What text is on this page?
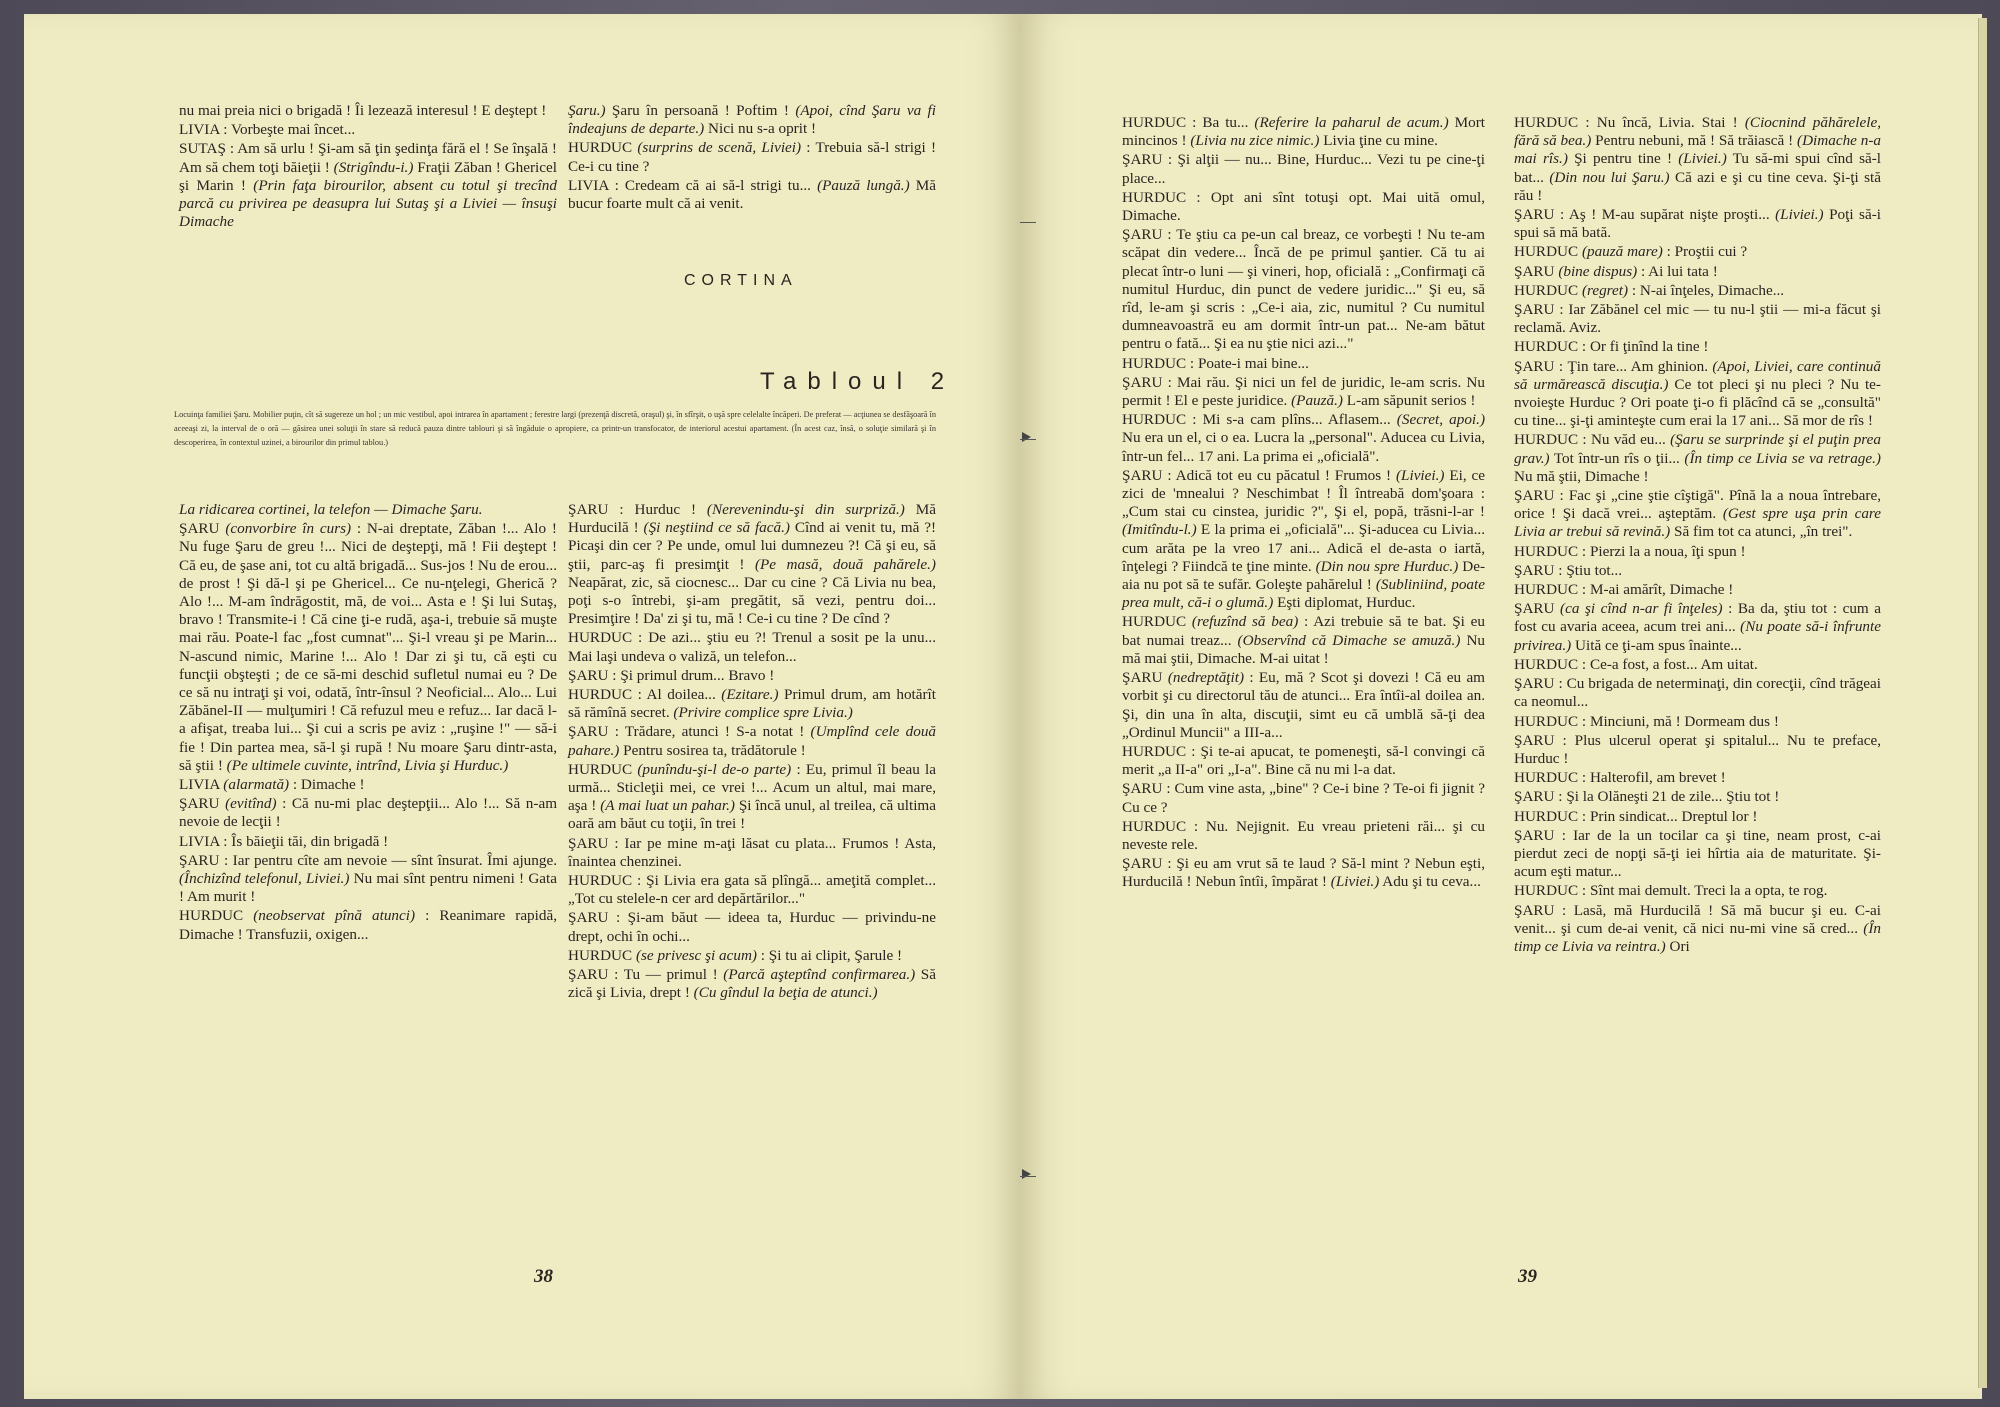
nu mai preia nici o brigadă ! Îi lezează interesul ! E deştept !

LIVIA : Vorbeşte mai încet...

SUTAŞ : Am să urlu ! Şi-am să ţin şedinţa fără el ! Se înşală ! Am să chem toţi băieţii ! (Strigîndu-i.) Fraţii Zăban ! Ghericel şi Marin ! (Prin faţa birourilor, absent cu totul şi trecînd parcă cu privirea pe deasupra lui Sutaş şi a Liviei — însuşi Dimache

Şaru.) Şaru în persoană ! Poftim ! (Apoi, cînd Şaru va fi îndeajuns de departe.) Nici nu s-a oprit !

HURDUC (surprins de scenă, Liviei) : Trebuia să-l strigi ! Ce-i cu tine ?

LIVIA : Credeam că ai să-l strigi tu... (Pauză lungă.) Mă bucur foarte mult că ai venit.

CORTINA
Tabloul 2
Locuinţa familiei Şaru. Mobilier puţin, cît să sugereze un hol ; un mic vestibul, apoi intrarea în apartament ; ferestre largi (prezenţă discretă, oraşul) şi, în sfîrşit, o uşă spre celelalte încăperi. De preferat — acţiunea se desfăşoară în aceeaşi zi, la interval de o oră — găsirea unei soluţii în stare să reducă pauza dintre tablouri şi să îngăduie o apropiere, ca printr-un transfocator, de interiorul acestui apartament. (În acest caz, însă, o soluţie similară şi în descoperirea, în contextul uzinei, a birourilor din primul tablou.)

La ridicarea cortinei, la telefon — Dimache Şaru.

ŞARU (convorbire în curs) : N-ai dreptate, Zăban !... Alo ! Nu fuge Şaru de greu !... Nici de deştepţi, mă ! Fii deştept ! Că eu, de şase ani, tot cu altă brigadă... Sus-jos ! Nu de erou... de prost ! Şi dă-l şi pe Ghericel... Ce nu-nţelegi, Gherică ? Alo !... M-am îndrăgostit, mă, de voi... Asta e ! Şi lui Sutaş, bravo ! Transmite-i ! Că cine ţi-e rudă, aşa-i, trebuie să muşte mai rău. Poate-l fac „fost cumnat"... Şi-l vreau şi pe Marin... N-ascund nimic, Marine !... Alo ! Dar zi şi tu, că eşti cu funcţii obşteşti ; de ce să-mi deschid sufletul numai eu ? De ce să nu intraţi şi voi, odată, într-însul ? Neoficial... Alo... Lui Zăbănel-II — mulţumiri ! Că refuzul meu e refuz... Iar dacă l-a afişat, treaba lui... Şi cui a scris pe aviz : „ruşine !" — să-i fie ! Din partea mea, să-l şi rupă ! Nu moare Şaru dintr-asta, să ştii ! (Pe ultimele cuvinte, intrînd, Livia şi Hurduc.)

LIVIA (alarmată) : Dimache !

ŞARU (evitînd) : Că nu-mi plac deştepţii... Alo !... Să n-am nevoie de lecţii !

LIVIA : Îs băieţii tăi, din brigadă !

ŞARU : Iar pentru cîte am nevoie — sînt însurat. Îmi ajunge. (Închizînd telefonul, Liviei.) Nu mai sînt pentru nimeni ! Gata ! Am murit !

HURDUC (neobservat pînă atunci) : Reanimare rapidă, Dimache ! Transfuzii, oxigen...

ŞARU : Hurduc ! (Nerevenindu-şi din surpriză.) Mă Hurducilă ! (Şi neştiind ce să facă.) Cînd ai venit tu, mă ?! Picaşi din cer ? Pe unde, omul lui dumnezeu ?! Că şi eu, să ştii, parc-aş fi presimţit ! (Pe masă, două pahărele.) Neapărat, zic, să ciocnesc... Dar cu cine ? Că Livia nu bea, poţi s-o întrebi, şi-am pregătit, să vezi, pentru doi... Presimţire ! Da' zi şi tu, mă ! Ce-i cu tine ? De cînd ?

HURDUC : De azi... ştiu eu ?! Trenul a sosit pe la unu... Mai laşi undeva o valiză, un telefon...

ŞARU : Şi primul drum... Bravo !

HURDUC : Al doilea... (Ezitare.) Primul drum, am hotărît să rămînă secret. (Privire complice spre Livia.)

ŞARU : Trădare, atunci ! S-a notat ! (Umplînd cele două pahare.) Pentru sosirea ta, trădătorule !

HURDUC (punîndu-şi-l de-o parte) : Eu, primul îl beau la urmă... Sticleţii mei, ce vrei !... Acum un altul, mai mare, aşa ! (A mai luat un pahar.) Şi încă unul, al treilea, că ultima oară am băut cu toţii, în trei !

ŞARU : Iar pe mine m-aţi lăsat cu plata... Frumos ! Asta, înaintea chenzinei.

HURDUC : Şi Livia era gata să plîngă... ameţită complet... „Tot cu stelele-n cer ard depărtărilor..."

ŞARU : Şi-am băut — ideea ta, Hurduc — privindu-ne drept, ochi în ochi...

HURDUC (se privesc şi acum) : Şi tu ai clipit, Şarule !

ŞARU : Tu — primul ! (Parcă aşteptînd confirmarea.) Să zică şi Livia, drept ! (Cu gîndul la beţia de atunci.)

38

HURDUC : Ba tu... (Referire la paharul de acum.) Mort mincinos ! (Livia nu zice nimic.) Livia ţine cu mine.

ŞARU : Şi alţii — nu... Bine, Hurduc... Vezi tu pe cine-ţi place...

HURDUC : Opt ani sînt totuşi opt. Mai uită omul, Dimache.

ŞARU : Te ştiu ca pe-un cal breaz, ce vorbeşti ! Nu te-am scăpat din vedere... Încă de pe primul şantier. Că tu ai plecat într-o luni — şi vineri, hop, oficială : „Confirmaţi că numitul Hurduc, din punct de vedere juridic..." Şi eu, să rîd, le-am şi scris : „Ce-i aia, zic, numitul ? Cu numitul dumneavoastră eu am dormit într-un pat... Ne-am bătut pentru o fată... Şi ea nu ştie nici azi..."

HURDUC : Poate-i mai bine...

ŞARU : Mai rău. Şi nici un fel de juridic, le-am scris. Nu permit ! El e peste juridice. (Pauză.) L-am săpunit serios !

HURDUC : Mi s-a cam plîns... Aflasem... (Secret, apoi.) Nu era un el, ci o ea. Lucra la „personal". Aducea cu Livia, într-un fel... 17 ani. La prima ei „oficială".

ŞARU : Adică tot eu cu păcatul ! Frumos ! (Liviei.) Ei, ce zici de 'mnealui ? Neschimbat ! Îl întreabă dom'şoara : „Cum stai cu cinstea, juridic ?", Şi el, popă, trăsni-l-ar ! (Imitîndu-l.) E la prima ei „oficială"... Şi-aducea cu Livia... cum arăta pe la vreo 17 ani... Adică el de-asta o iartă, înţelegi ? Fiindcă te ţine minte. (Din nou spre Hurduc.) De-aia nu pot să te sufăr. Goleşte pahărelul ! (Subliniind, poate prea mult, că-i o glumă.) Eşti diplomat, Hurduc.

HURDUC (refuzînd să bea) : Azi trebuie să te bat. Şi eu bat numai treaz... (Observînd că Dimache se amuză.) Nu mă mai ştii, Dimache. M-ai uitat !

ŞARU (nedreptăţit) : Eu, mă ? Scot şi dovezi ! Că eu am vorbit şi cu directorul tău de atunci... Era întîi-al doilea an. Şi, din una în alta, discuţii, simt eu că umblă să-ţi dea „Ordinul Muncii" a III-a...

HURDUC : Şi te-ai apucat, te pomeneşti, să-l convingi că merit „a II-a" ori „I-a". Bine că nu mi l-a dat.

ŞARU : Cum vine asta, „bine" ? Ce-i bine ? Te-oi fi jignit ? Cu ce ?

HURDUC : Nu. Nejignit. Eu vreau prieteni răi... şi cu neveste rele.

ŞARU : Şi eu am vrut să te laud ? Să-l mint ? Nebun eşti, Hurducilă ! Nebun întîi, împărat ! (Liviei.) Adu şi tu ceva...

HURDUC : Nu încă, Livia. Stai ! (Ciocnind păhărelele, fără să bea.) Pentru nebuni, mă ! Să trăiască ! (Dimache n-a mai rîs.) Şi pentru tine ! (Liviei.) Tu să-mi spui cînd să-l bat... (Din nou lui Şaru.) Că azi e şi cu tine ceva. Şi-ţi stă rău !

ŞARU : Aş ! M-au supărat nişte proşti... (Liviei.) Poţi să-i spui să mă bată.

HURDUC (pauză mare) : Proştii cui ?

ŞARU (bine dispus) : Ai lui tata !

HURDUC (regret) : N-ai înţeles, Dimache...

ŞARU : Iar Zăbănel cel mic — tu nu-l ştii — mi-a făcut şi reclamă. Aviz.

HURDUC : Or fi ţinînd la tine !

ŞARU : Ţin tare... Am ghinion. (Apoi, Liviei, care continuă să urmărească discuţia.) Ce tot pleci şi nu pleci ? Nu te-nvoieşte Hurduc ? Ori poate ţi-o fi plăcînd că se „consultă" cu tine... şi-ţi aminteşte cum erai la 17 ani... Să mor de rîs !

HURDUC : Nu văd eu... (Şaru se surprinde şi el puţin prea grav.) Tot într-un rîs o ţii... (În timp ce Livia se va retrage.) Nu mă ştii, Dimache !

ŞARU : Fac şi „cine ştie cîştigă". Pînă la a noua întrebare, orice ! Şi dacă vrei... aşteptăm. (Gest spre uşa prin care Livia ar trebui să revină.) Să fim tot ca atunci, „în trei".

HURDUC : Pierzi la a noua, îţi spun !

ŞARU : Ştiu tot...

HURDUC : M-ai amărît, Dimache !

ŞARU (ca şi cînd n-ar fi înţeles) : Ba da, ştiu tot : cum a fost cu avaria aceea, acum trei ani... (Nu poate să-i înfrunte privirea.) Uită ce ţi-am spus înainte...

HURDUC : Ce-a fost, a fost... Am uitat.

ŞARU : Cu brigada de neterminaţi, din corecţii, cînd trăgeai ca neomul...

HURDUC : Minciuni, mă ! Dormeam dus !

ŞARU : Plus ulcerul operat şi spitalul... Nu te preface, Hurduc !

HURDUC : Halterofil, am brevet !

ŞARU : Şi la Olăneşti 21 de zile... Ştiu tot !

HURDUC : Prin sindicat... Dreptul lor !

ŞARU : Iar de la un tocilar ca şi tine, neam prost, c-ai pierdut zeci de nopţi să-ţi iei hîrtia aia de maturitate. Şi-acum eşti matur...

HURDUC : Sînt mai demult. Treci la a opta, te rog.

ŞARU : Lasă, mă Hurducilă ! Să mă bucur şi eu. C-ai venit... şi cum de-ai venit, că nici nu-mi vine să cred... (În timp ce Livia va reintra.) Ori

39
